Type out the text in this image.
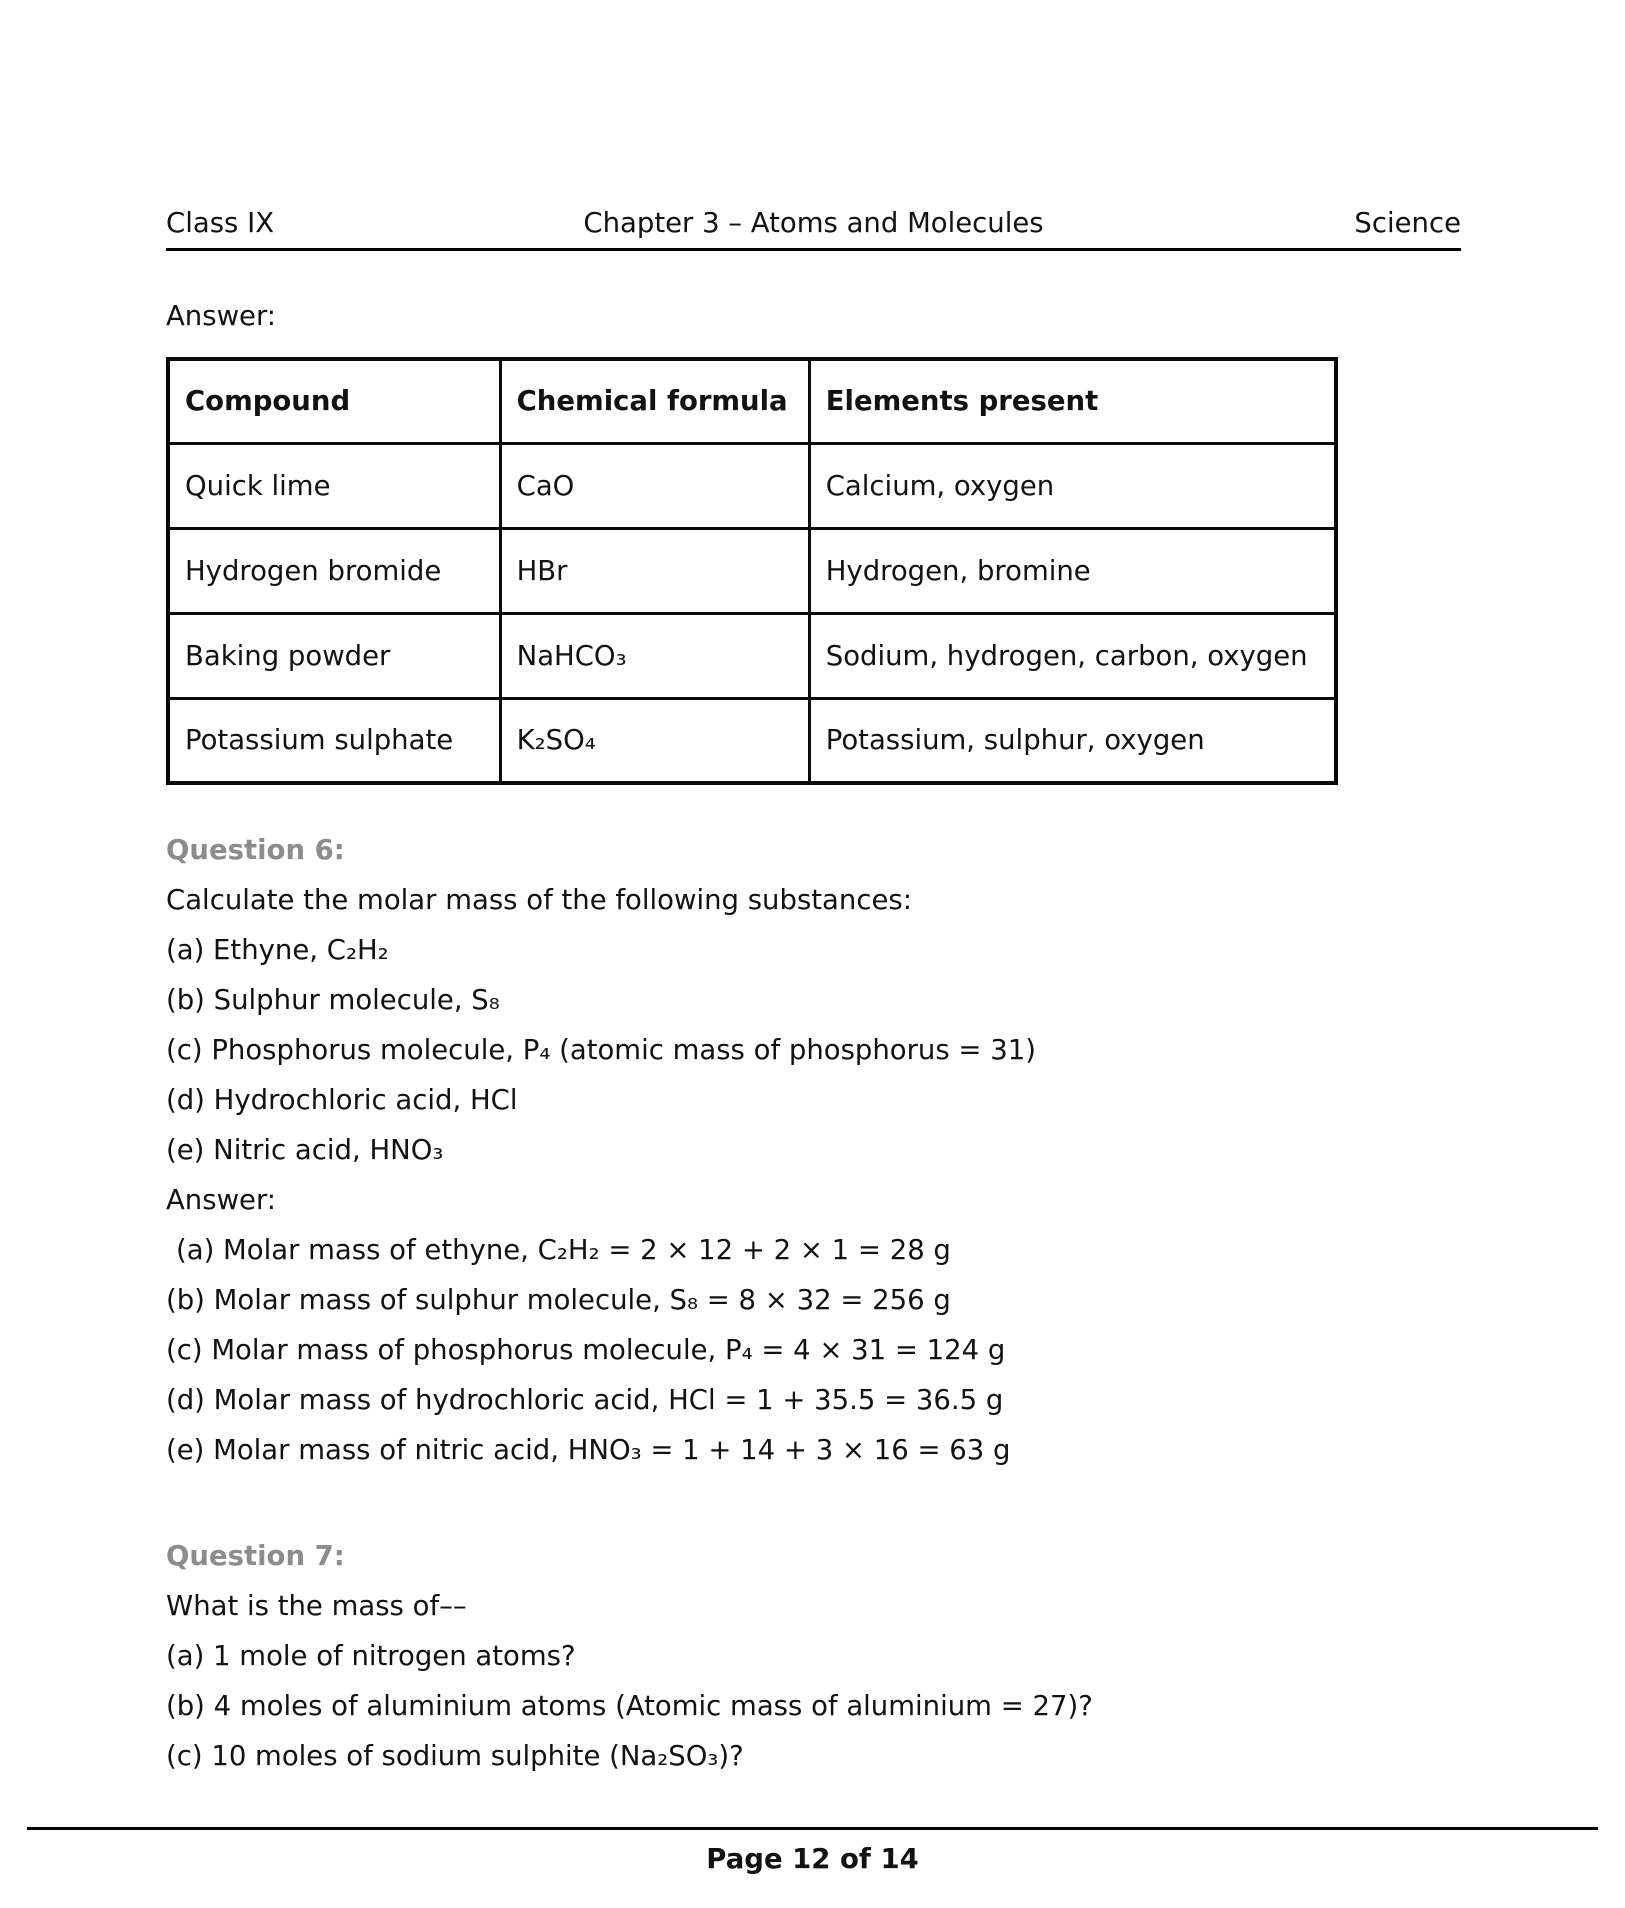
Class IX	Chapter 3 – Atoms and Molecules	Science

Answer:

Compound	Chemical formula	Elements present
Quick lime	CaO	Calcium, oxygen
Hydrogen bromide	HBr	Hydrogen, bromine
Baking powder	NaHCO₃	Sodium, hydrogen, carbon, oxygen
Potassium sulphate	K₂SO₄	Potassium, sulphur, oxygen

Question 6:

Calculate the molar mass of the following substances:

(a) Ethyne, C₂H₂

(b) Sulphur molecule, S₈

(c) Phosphorus molecule, P₄ (atomic mass of phosphorus = 31)

(d) Hydrochloric acid, HCl

(e) Nitric acid, HNO₃

Answer:

(a) Molar mass of ethyne, C₂H₂ = 2 × 12 + 2 × 1 = 28 g

(b) Molar mass of sulphur molecule, S₈ = 8 × 32 = 256 g

(c) Molar mass of phosphorus molecule, P₄ = 4 × 31 = 124 g

(d) Molar mass of hydrochloric acid, HCl = 1 + 35.5 = 36.5 g

(e) Molar mass of nitric acid, HNO₃ = 1 + 14 + 3 × 16 = 63 g

Question 7:

What is the mass of––

(a) 1 mole of nitrogen atoms?

(b) 4 moles of aluminium atoms (Atomic mass of aluminium = 27)?

(c) 10 moles of sodium sulphite (Na₂SO₃)?

Page 12 of 14
